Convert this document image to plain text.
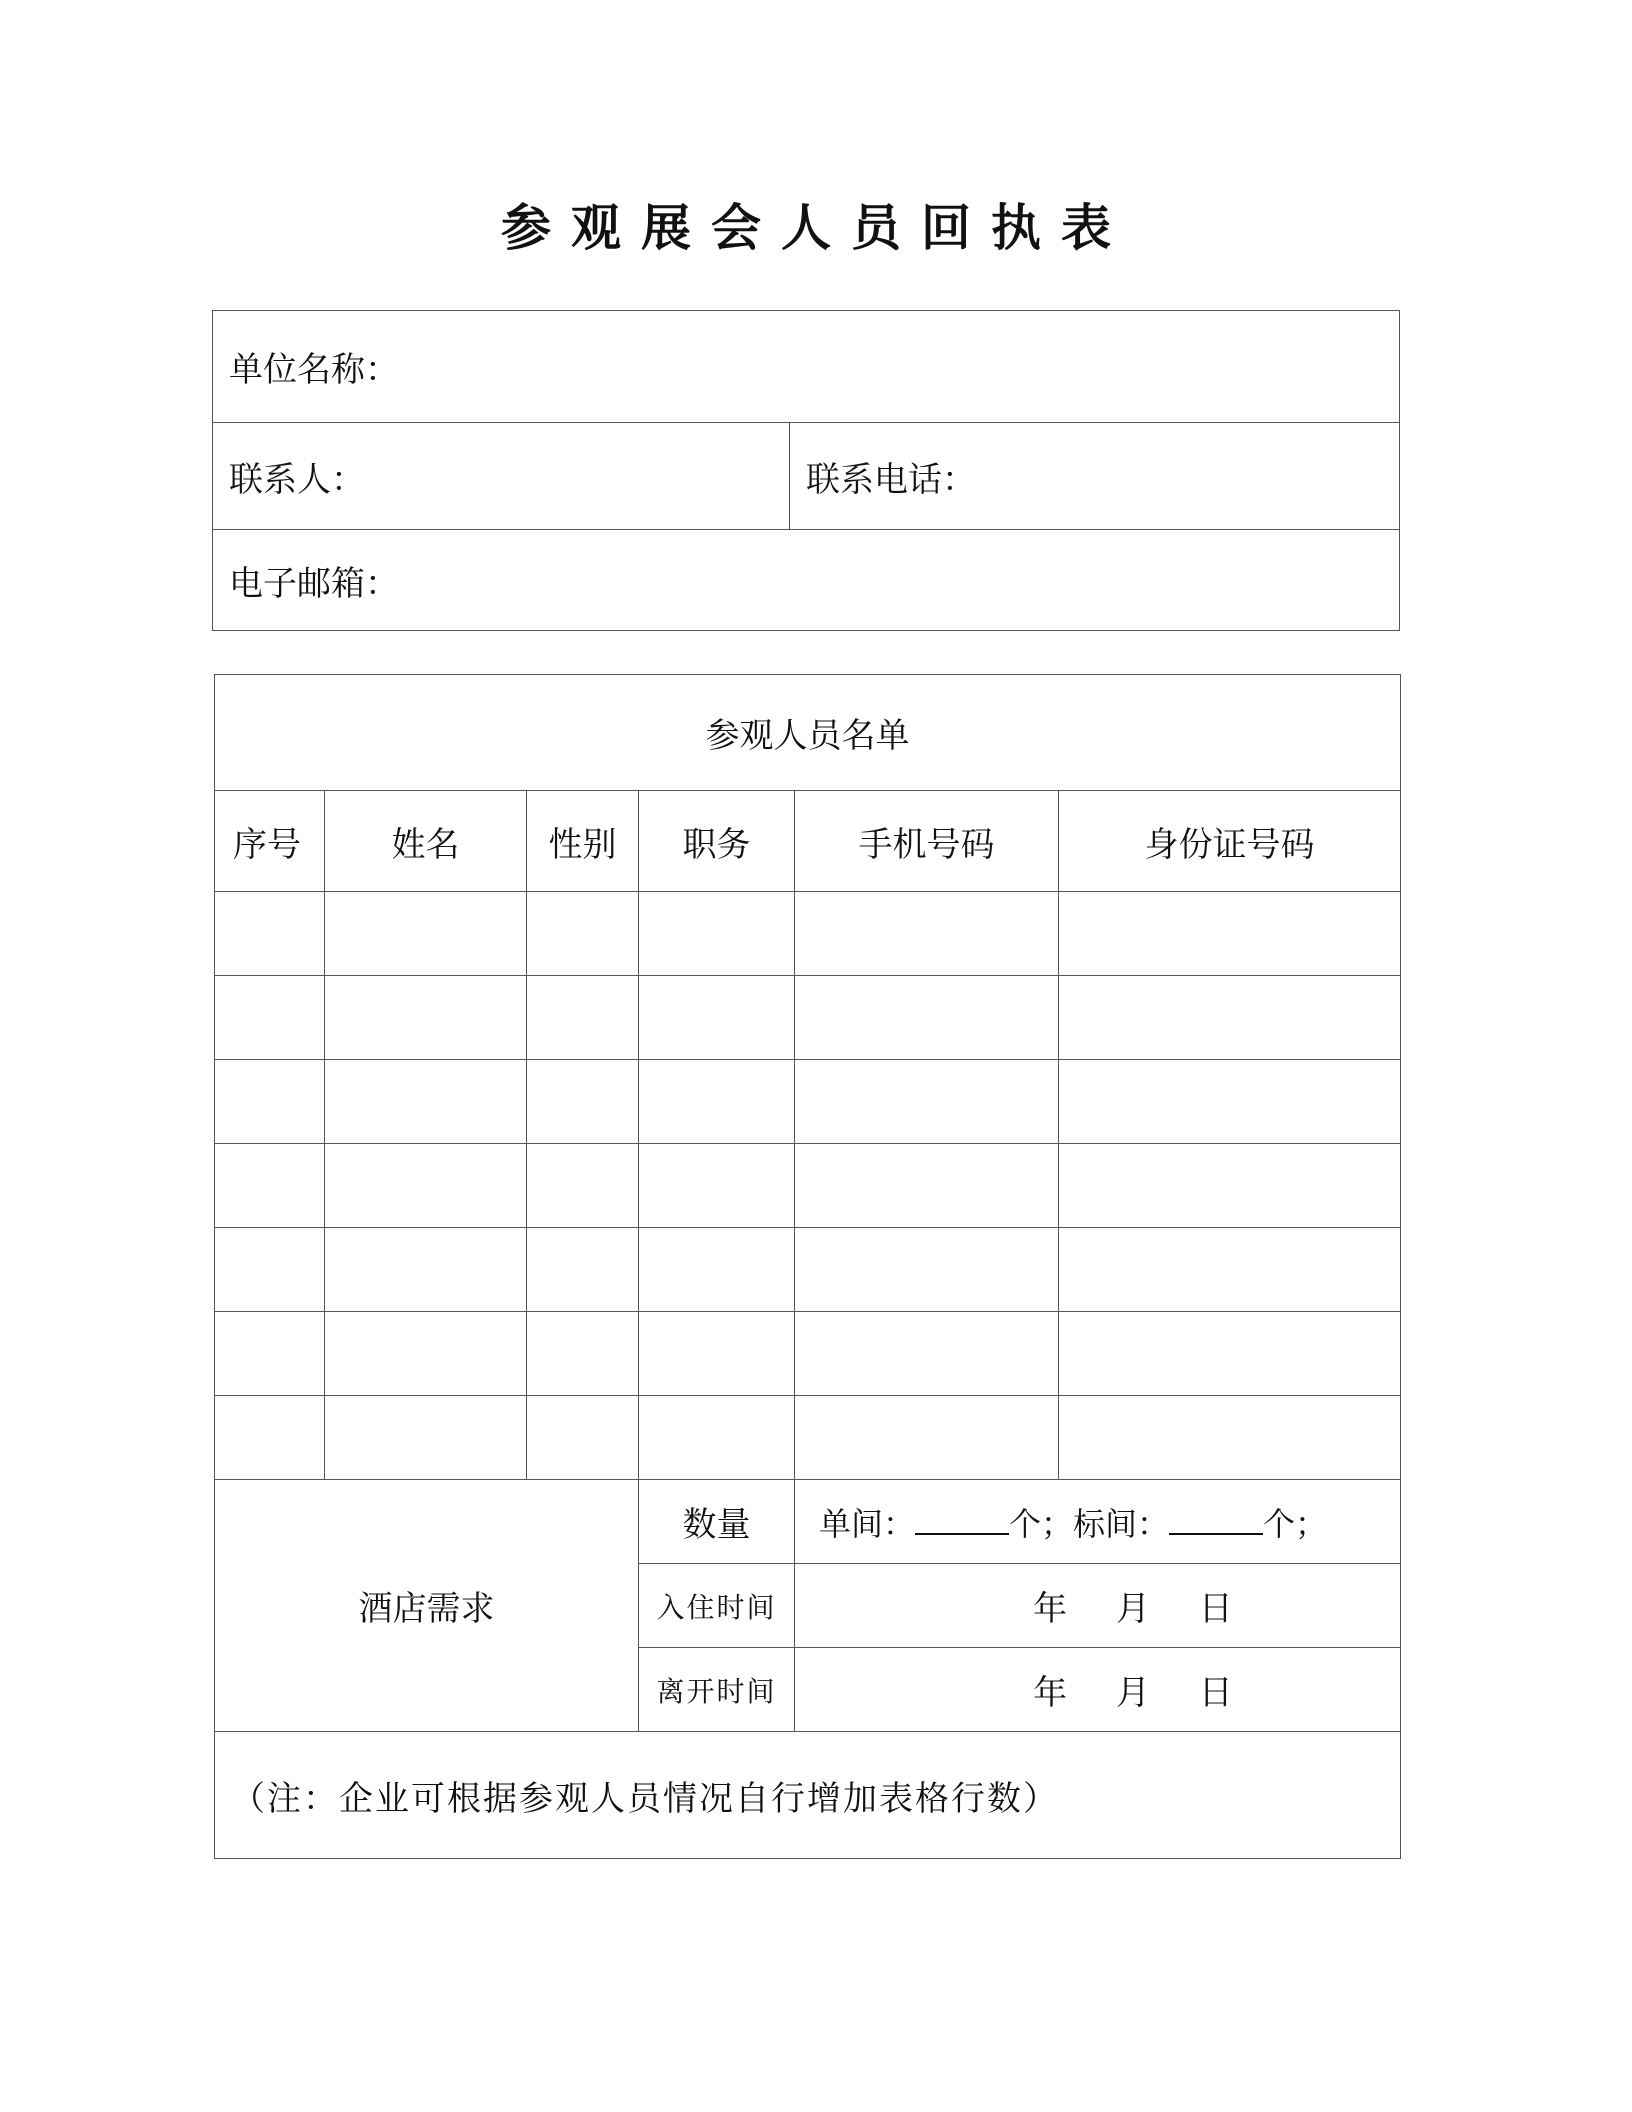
参观展会人员回执表
单位名称：
联系人：	联系电话：
电子邮箱：
参观人员名单					
序号	姓名	性别	职务	手机号码	身份证号码

酒店需求			数量	单间： 个；标间： 个；	
			入住时间	年 月 日	
			离开时间	年 月 日	
（注：企业可根据参观人员情况自行增加表格行数）					
